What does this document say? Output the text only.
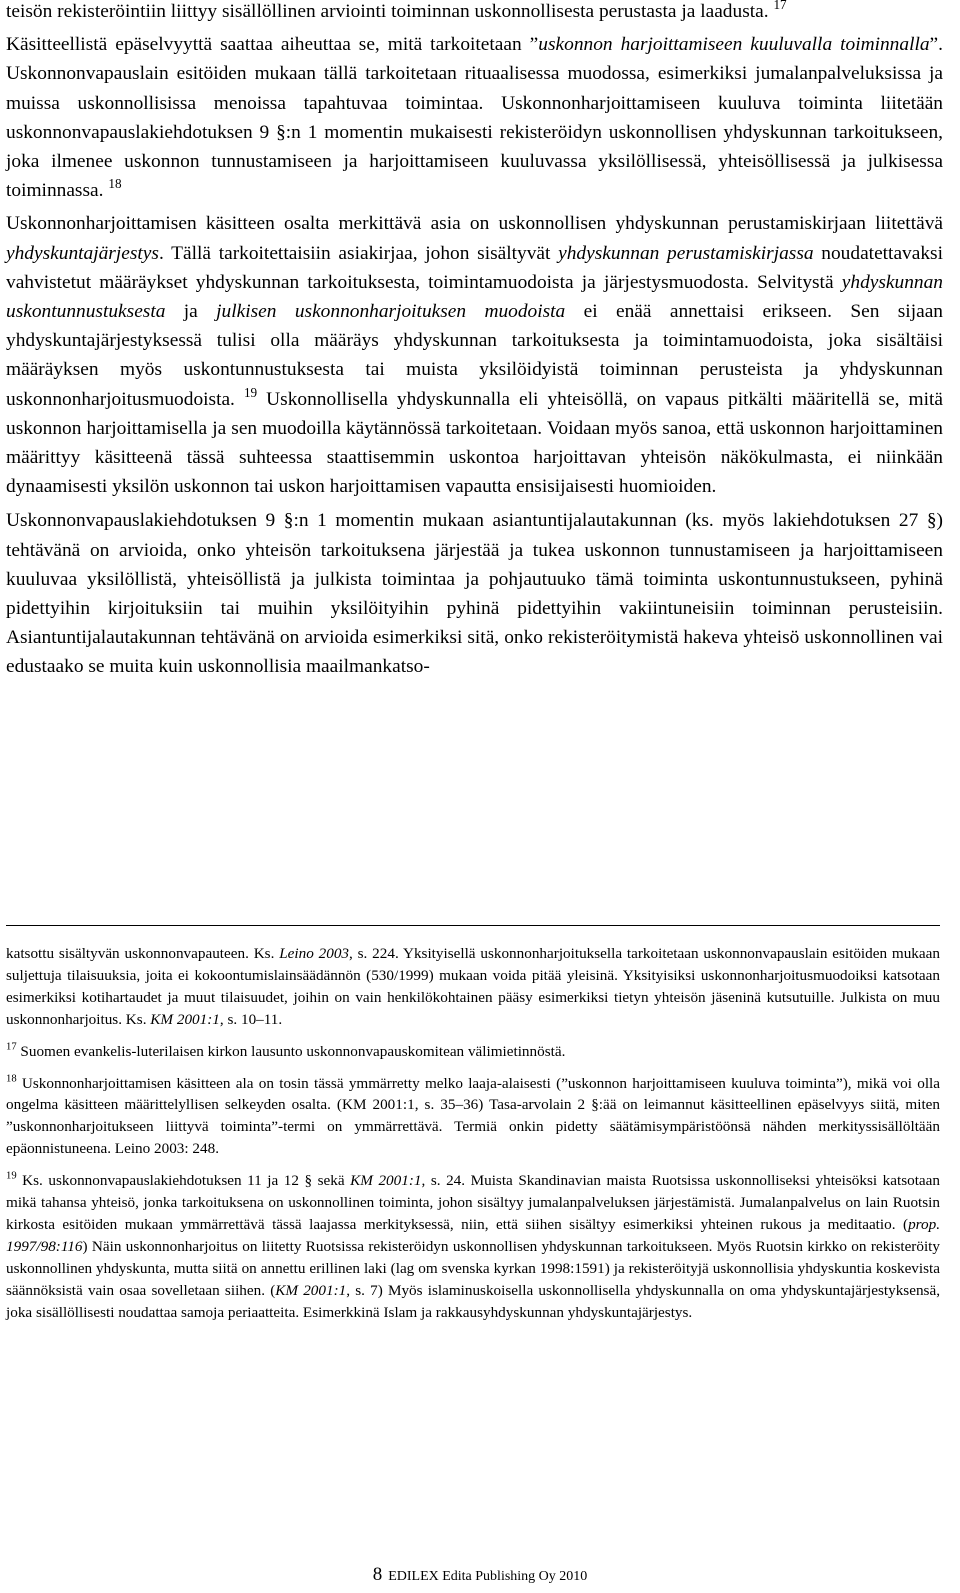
teisön rekisteröintiin liittyy sisällöllinen arviointi toiminnan uskonnollisesta perustasta ja laadusta. $^{17}$

Käsitteellistä epäselvyyttä saattaa aiheuttaa se, mitä tarkoitetaan ”uskonnon harjoittamiseen kuuluvalla toiminnalla”. Uskonnonvapauslain esitöiden mukaan tällä tarkoitetaan rituaalisessa muodossa, esimerkiksi jumalanpalveluksissa ja muissa uskonnollisissa menoissa tapahtuvaa toimintaa. Uskonnonharjoittamiseen kuuluva toiminta liitetään uskonnonvapauslakiehdotuksen 9 §:n 1 momentin mukaisesti rekisteröidyn uskonnollisen yhdyskunnan tarkoitukseen, joka ilmenee uskonnon tunnustamiseen ja harjoittamiseen kuuluvassa yksilöllisessä, yhteisöllisessä ja julkisessa toiminnassa. $^{18}$

Uskonnonharjoittamisen käsitteen osalta merkittävä asia on uskonnollisen yhdyskunnan perustamiskirjaan liitettävä yhdyskuntajärjestys. Tällä tarkoitettaisiin asiakirjaa, johon sisältyvät yhdyskunnan perustamiskirjassa noudatettavaksi vahvistetut määräykset yhdyskunnan tarkoituksesta, toimintamuodoista ja järjestysmuodosta. Selvitystä yhdyskunnan uskontunnustuksesta ja julkisen uskonnonharjoituksen muodoista ei enää annettaisi erikseen. Sen sijaan yhdyskuntajärjestyksessä tulisi olla määräys yhdyskunnan tarkoituksesta ja toimintamuodoista, joka sisältäisi määräyksen myös uskontunnustuksesta tai muista yksilöidyistä toiminnan perusteista ja yhdyskunnan uskonnonharjoitusmuodoista. $^{19}$ Uskonnollisella yhdyskunnalla eli yhteisöllä, on vapaus pitkälti määritellä se, mitä uskonnon harjoittamisella ja sen muodoilla käytännössä tarkoitetaan. Voidaan myös sanoa, että uskonnon harjoittaminen määrittyy käsitteenä tässä suhteessa staattisemmin uskontoa harjoittavan yhteisön näkökulmasta, ei niinkään dynaamisesti yksilön uskonnon tai uskon harjoittamisen vapautta ensisijaisesti huomioiden.

Uskonnonvapauslakiehdotuksen 9 §:n 1 momentin mukaan asiantuntijalautakunnan (ks. myös lakiehdotuksen 27 §) tehtävänä on arvioida, onko yhteisön tarkoituksena järjestää ja tukea uskonnon tunnustamiseen ja harjoittamiseen kuuluvaa yksilöllistä, yhteisöllistä ja julkista toimintaa ja pohjautuuko tämä toiminta uskontunnustukseen, pyhinä pidettyihin kirjoituksiin tai muihin yksilöityihin pyhinä pidettyihin vakiintuneisiin toiminnan perusteisiin. Asiantuntijalautakunnan tehtävänä on arvioida esimerkiksi sitä, onko rekisteröitymistä hakeva yhteisö uskonnollinen vai edustaako se muita kuin uskonnollisia maailmankatso-

katsottu sisältyvän uskonnonvapauteen. Ks. Leino 2003, s. 224. Yksityisellä uskonnonharjoituksella tarkoitetaan uskonnonvapauslain esitöiden mukaan suljettuja tilaisuuksia, joita ei kokoontumislainsäädännön (530/1999) mukaan voida pitää yleisinä. Yksityisiksi uskonnonharjoitusmuodoiksi katsotaan esimerkiksi kotihartaudet ja muut tilaisuudet, joihin on vain henkilökohtainen pääsy esimerkiksi tietyn yhteisön jäseninä kutsutuille. Julkista on muu uskonnonharjoitus. Ks. KM 2001:1, s. 10–11.

$^{17}$ Suomen evankelis-luterilaisen kirkon lausunto uskonnonvapauskomitean välimietinnöstä.

$^{18}$ Uskonnonharjoittamisen käsitteen ala on tosin tässä ymmärretty melko laaja-alaisesti (”uskonnon harjoittamiseen kuuluva toiminta”), mikä voi olla ongelma käsitteen määrittelyllisen selkeyden osalta. (KM 2001:1, s. 35–36) Tasa-arvolain 2 §:ää on leimannut käsitteellinen epäselvyys siitä, miten ”uskonnonharjoitukseen liittyvä toiminta”-termi on ymmärrettävä. Termiä onkin pidetty säätämisympäristöönsä nähden merkityssisällöltään epäonnistuneena. Leino 2003: 248.

$^{19}$ Ks. uskonnonvapauslakiehdotuksen 11 ja 12 § sekä KM 2001:1, s. 24. Muista Skandinavian maista Ruotsissa uskonnolliseksi yhteisöksi katsotaan mikä tahansa yhteisö, jonka tarkoituksena on uskonnollinen toiminta, johon sisältyy jumalanpalveluksen järjestämistä. Jumalanpalvelus on lain Ruotsin kirkosta esitöiden mukaan ymmärrettävä tässä laajassa merkityksessä, niin, että siihen sisältyy esimerkiksi yhteinen rukous ja meditaatio. (prop. 1997/98:116) Näin uskonnonharjoitus on liitetty Ruotsissa rekisteröidyn uskonnollisen yhdyskunnan tarkoitukseen. Myös Ruotsin kirkko on rekisteröity uskonnollinen yhdyskunta, mutta siitä on annettu erillinen laki (lag om svenska kyrkan 1998:1591) ja rekisteröityjä uskonnollisia yhdyskuntia koskevista säännöksistä vain osaa sovelletaan siihen. (KM 2001:1, s. 7) Myös islaminuskoisella uskonnollisella yhdyskunnalla on oma yhdyskuntajärjestyksensä, joka sisällöllisesti noudattaa samoja periaatteita. Esimerkkinä Islam ja rakkausyhdyskunnan yhdyskuntajärjestys.

8 EDILEX Edita Publishing Oy 2010
